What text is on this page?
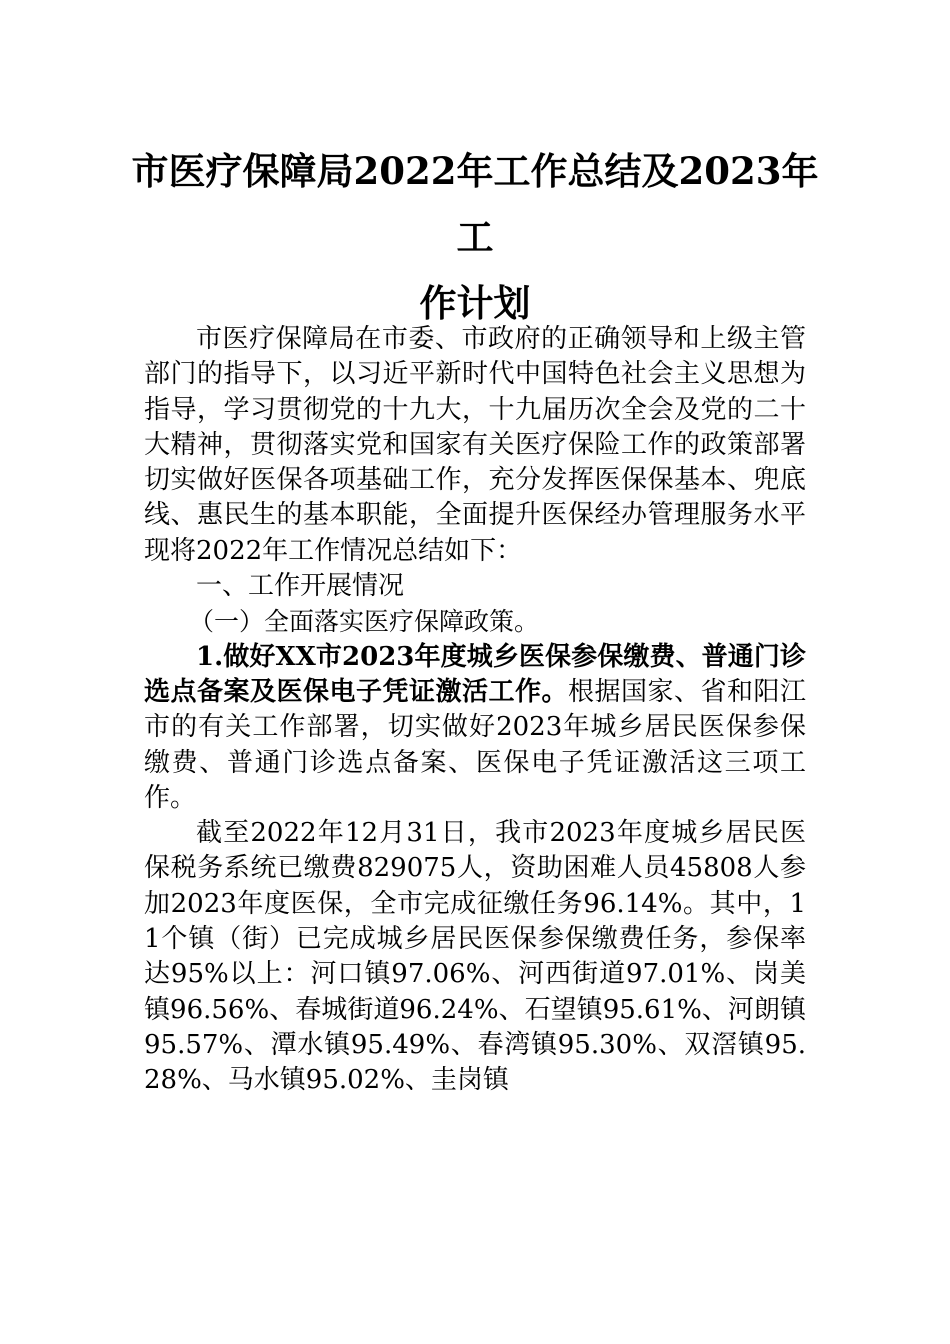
市医疗保障局2022年工作总结及2023年工
作计划

市医疗保障局在市委、市政府的正确领导和上级主管部门的指导下，以习近平新时代中国特色社会主义思想为指导，学习贯彻党的十九大，十九届历次全会及党的二十大精神，贯彻落实党和国家有关医疗保险工作的政策部署切实做好医保各项基础工作，充分发挥医保保基本、兜底线、惠民生的基本职能，全面提升医保经办管理服务水平现将2022年工作情况总结如下：

一、工作开展情况

（一）全面落实医疗保障政策。

1.做好XX市2023年度城乡医保参保缴费、普通门诊选点备案及医保电子凭证激活工作。根据国家、省和阳江市的有关工作部署，切实做好2023年城乡居民医保参保缴费、普通门诊选点备案、医保电子凭证激活这三项工作。

截至2022年12月31日，我市2023年度城乡居民医保税务系统已缴费829075人，资助困难人员45808人参加2023年度医保，全市完成征缴任务96.14%。其中，11个镇（街）已完成城乡居民医保参保缴费任务，参保率达95%以上：河口镇97.06%、河西街道97.01%、岗美镇96.56%、春城街道96.24%、石望镇95.61%、河朗镇95.57%、潭水镇95.49%、春湾镇95.30%、双滘镇95.28%、马水镇95.02%、圭岗镇
